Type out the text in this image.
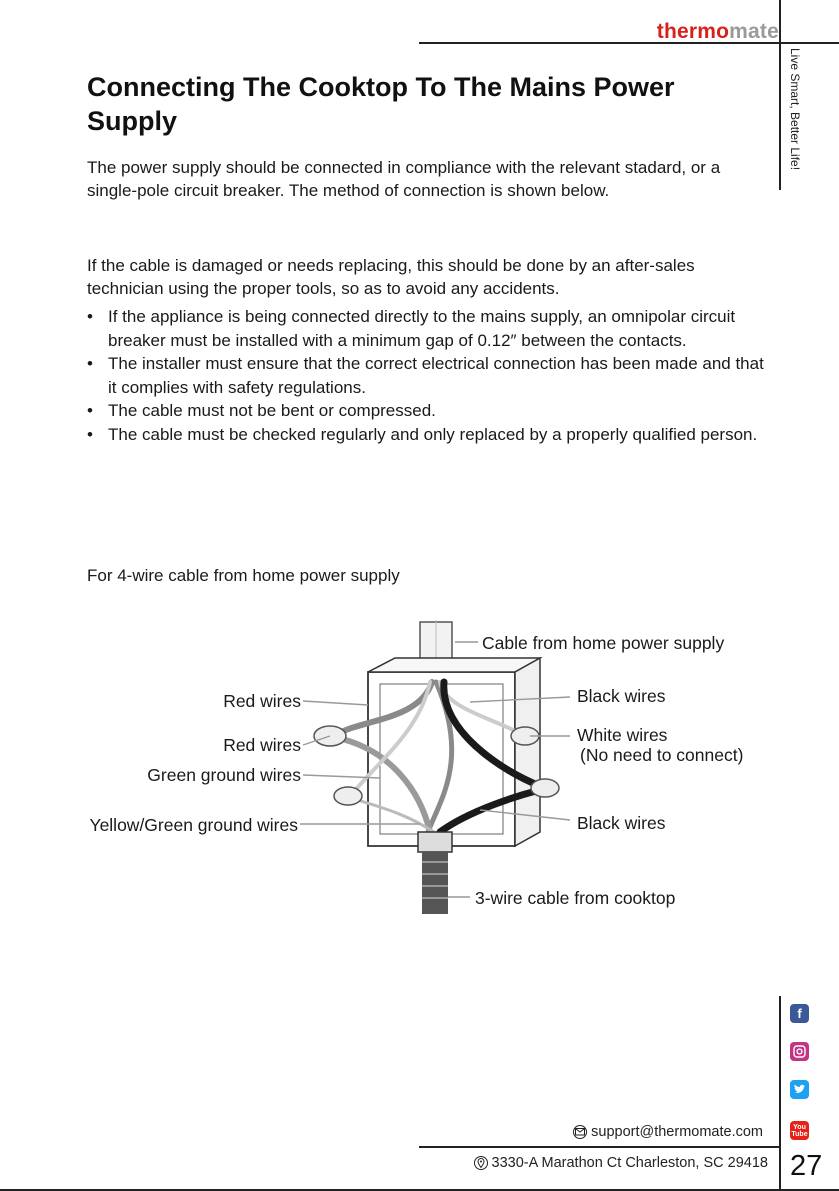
thermomate
Live Smart, Better Life!
Connecting The Cooktop To The Mains Power Supply

The power supply should be connected in compliance with the relevant stadard, or a single-pole circuit breaker. The method of connection is shown below.

If the cable is damaged or needs replacing, this should be done by an after-sales technician using the proper tools, so as to avoid any accidents.

• If the appliance is being connected directly to the mains supply, an omnipolar circuit breaker must be installed with a minimum gap of 0.12″ between the contacts.
• The installer must ensure that the correct electrical connection has been made and that it complies with safety regulations.
• The cable must not be bent or compressed.
• The cable must be checked regularly and only replaced by a properly qualified person.

For 4-wire cable from home power supply

Cable from home power supply
Black wires
White wires
(No need to connect)
Black wires
Red wires
Red wires
Green ground wires
Yellow/Green ground wires
3-wire cable from cooktop
f
You
Tube
support@thermomate.com
3330-A Marathon Ct Charleston, SC 29418 27
